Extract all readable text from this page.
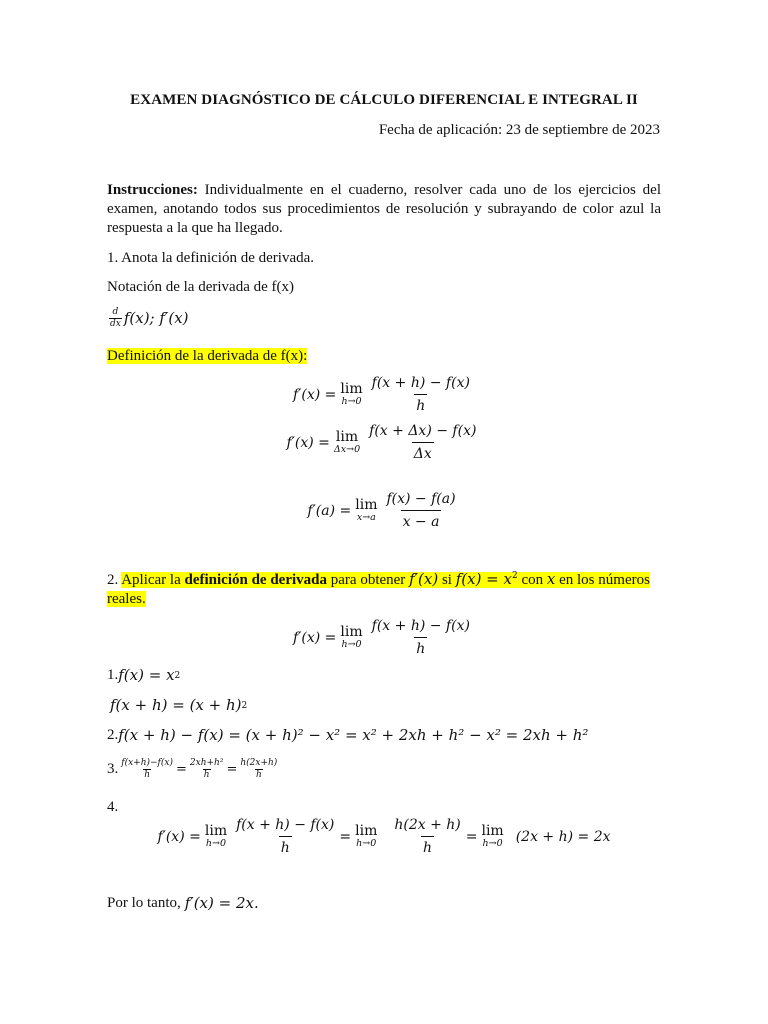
EXAMEN DIAGNÓSTICO DE CÁLCULO DIFERENCIAL E INTEGRAL II
Fecha de aplicación: 23 de septiembre de 2023
Instrucciones: Individualmente en el cuaderno, resolver cada uno de los ejercicios del examen, anotando todos sus procedimientos de resolución y subrayando de color azul la respuesta a la que ha llegado.
1. Anota la definición de derivada.
Notación de la derivada de f(x)
$\frac{d}{dx} f(x)$; f′(x)
Definición de la derivada de f(x):
f′(x) = lim
$h\to 0 \frac{f(x + h) - f(x)}{h}$
f′(x) = lim
$\Delta x\to 0 \frac{f(x + \Delta x) - f(x)}{\Delta x}$
f′(a) = lim
$x\to a \frac{f(x) - f(a)}{x - a}$
2. Aplicar la definición de derivada para obtener f′(x) si $f(x) = x^2$ con x en los números
reales.
f′(x) = lim
$h\to 0 \frac{f(x + h) - f(x)}{h}$
1. f(x) = x 2
f(x + h) = (x + h) 2
2. f(x + h) − f(x) = (x + h)² − x² = x² + 2xh + h² − x² = 2xh + h²
3. $\frac{f(x+h)-f(x)}{h} = \frac{\text{2xh+h²}}{h} = \frac{h(2x+h)}{h}$
4.
f′(x) = lim
$h\to 0 \frac{f(x + h) - f(x)}{h} = \lim$
$h\to 0 \frac{h(2x + h)}{h} = \lim$
h→0 (2x + h) = 2x
Por lo tanto, f′(x) = 2x.
